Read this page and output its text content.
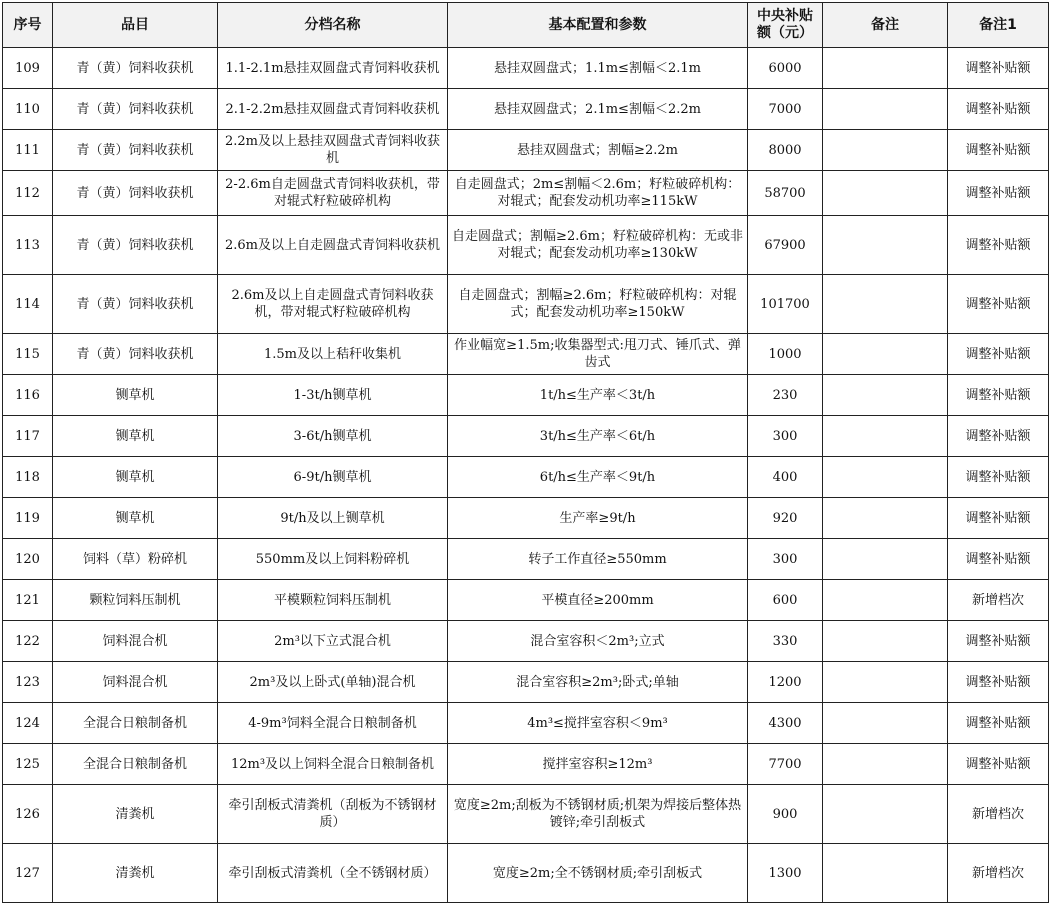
序号	品目	分档名称	基本配置和参数	中央补贴额（元）	备注	备注1
109	青（黄）饲料收获机	1.1-2.1m悬挂双圆盘式青饲料收获机	悬挂双圆盘式；1.1m≤割幅＜2.1m	6000		调整补贴额
110	青（黄）饲料收获机	2.1-2.2m悬挂双圆盘式青饲料收获机	悬挂双圆盘式；2.1m≤割幅＜2.2m	7000		调整补贴额
111	青（黄）饲料收获机	2.2m及以上悬挂双圆盘式青饲料收获机	悬挂双圆盘式；割幅≥2.2m	8000		调整补贴额
112	青（黄）饲料收获机	2-2.6m自走圆盘式青饲料收获机，带对辊式籽粒破碎机构	自走圆盘式；2m≤割幅＜2.6m；籽粒破碎机构：对辊式；配套发动机功率≥115kW	58700		调整补贴额
113	青（黄）饲料收获机	2.6m及以上自走圆盘式青饲料收获机	自走圆盘式；割幅≥2.6m；籽粒破碎机构：无或非对辊式；配套发动机功率≥130kW	67900		调整补贴额
114	青（黄）饲料收获机	2.6m及以上自走圆盘式青饲料收获机，带对辊式籽粒破碎机构	自走圆盘式；割幅≥2.6m；籽粒破碎机构：对辊式；配套发动机功率≥150kW	101700		调整补贴额
115	青（黄）饲料收获机	1.5m及以上秸秆收集机	作业幅宽≥1.5m;收集器型式:甩刀式、锤爪式、弹齿式	1000		调整补贴额
116	铡草机	1-3t/h铡草机	1t/h≤生产率＜3t/h	230		调整补贴额
117	铡草机	3-6t/h铡草机	3t/h≤生产率＜6t/h	300		调整补贴额
118	铡草机	6-9t/h铡草机	6t/h≤生产率＜9t/h	400		调整补贴额
119	铡草机	9t/h及以上铡草机	生产率≥9t/h	920		调整补贴额
120	饲料（草）粉碎机	550mm及以上饲料粉碎机	转子工作直径≥550mm	300		调整补贴额
121	颗粒饲料压制机	平模颗粒饲料压制机	平模直径≥200mm	600		新增档次
122	饲料混合机	2m³以下立式混合机	混合室容积＜2m³;立式	330		调整补贴额
123	饲料混合机	2m³及以上卧式(单轴)混合机	混合室容积≥2m³;卧式;单轴	1200		调整补贴额
124	全混合日粮制备机	4-9m³饲料全混合日粮制备机	4m³≤搅拌室容积＜9m³	4300		调整补贴额
125	全混合日粮制备机	12m³及以上饲料全混合日粮制备机	搅拌室容积≥12m³	7700		调整补贴额
126	清粪机	牵引刮板式清粪机（刮板为不锈钢材质）	宽度≥2m;刮板为不锈钢材质;机架为焊接后整体热镀锌;牵引刮板式	900		新增档次
127	清粪机	牵引刮板式清粪机（全不锈钢材质）	宽度≥2m;全不锈钢材质;牵引刮板式	1300		新增档次
